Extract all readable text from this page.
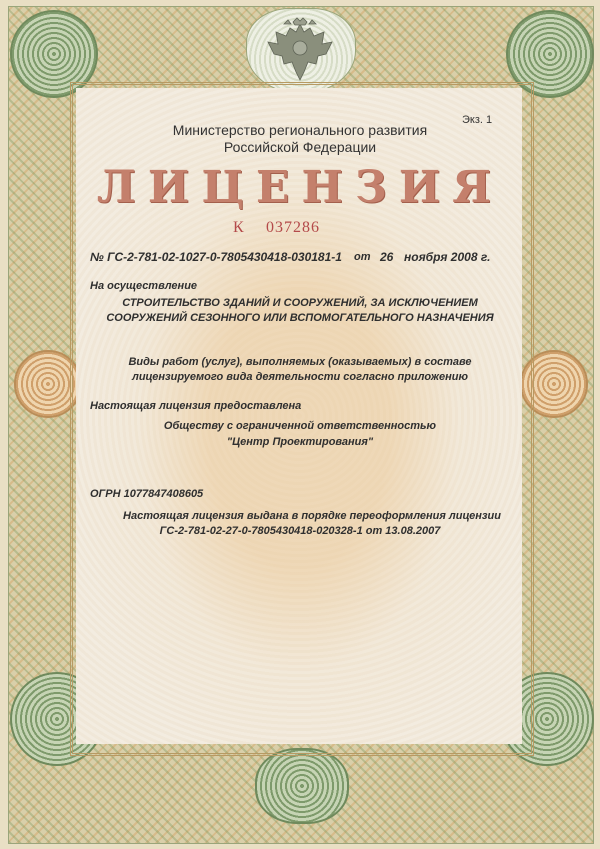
Экз. 1
Министерство регионального развития
Российской Федерации
ЛИЦЕНЗИЯ
К 037286
№ ГС-2-781-02-1027-0-7805430418-030181-1 от 26 ноября 2008 г.
На осуществление
СТРОИТЕЛЬСТВО ЗДАНИЙ И СООРУЖЕНИЙ, ЗА ИСКЛЮЧЕНИЕМ
СООРУЖЕНИЙ СЕЗОННОГО ИЛИ ВСПОМОГАТЕЛЬНОГО НАЗНАЧЕНИЯ
Виды работ (услуг), выполняемых (оказываемых) в составе
лицензируемого вида деятельности согласно приложению
Настоящая лицензия предоставлена
Обществу с ограниченной ответственностью
"Центр Проектирования"
ОГРН 1077847408605
Настоящая лицензия выдана в порядке переоформления лицензии
ГС-2-781-02-27-0-7805430418-020328-1 от 13.08.2007
